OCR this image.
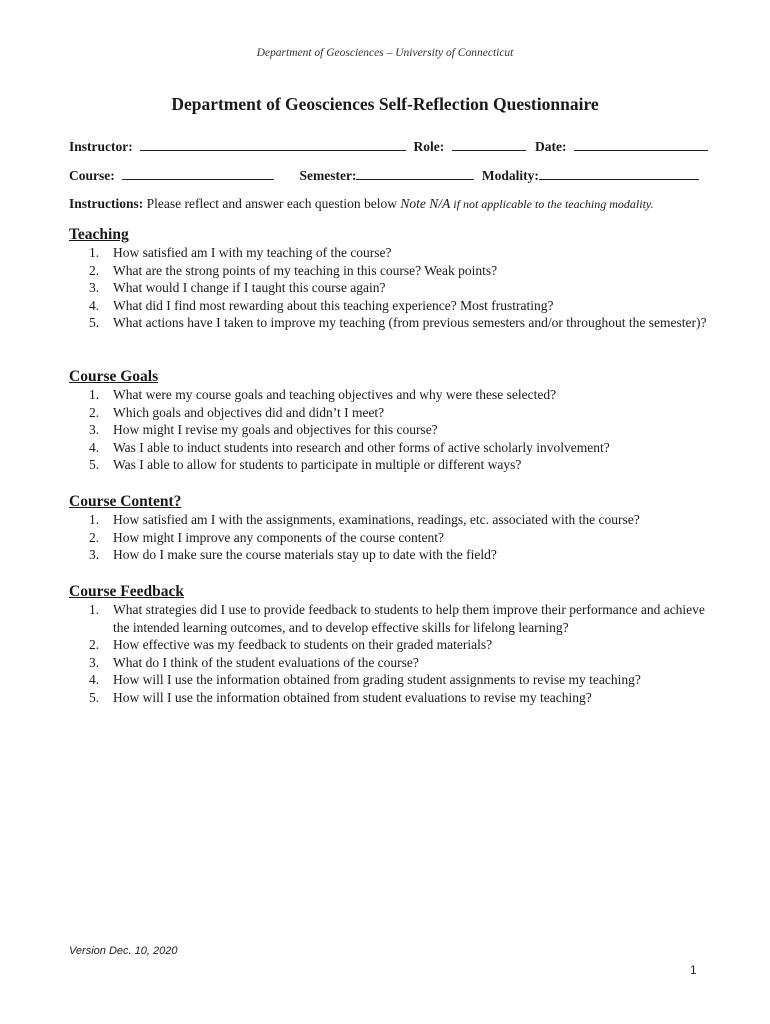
Department of Geosciences – University of Connecticut
Department of Geosciences Self-Reflection Questionnaire
Instructor:	Role:	Date:
Course:	Semester:	Modality:
Instructions: Please reflect and answer each question below Note N/A if not applicable to the teaching modality.
Teaching
1.	How satisfied am I with my teaching of the course?
2.	What are the strong points of my teaching in this course? Weak points?
3.	What would I change if I taught this course again?
4.	What did I find most rewarding about this teaching experience? Most frustrating?
5.	What actions have I taken to improve my teaching (from previous semesters and/or throughout the semester)?
Course Goals
1.	What were my course goals and teaching objectives and why were these selected?
2.	Which goals and objectives did and didn’t I meet?
3.	How might I revise my goals and objectives for this course?
4.	Was I able to induct students into research and other forms of active scholarly involvement?
5.	Was I able to allow for students to participate in multiple or different ways?
Course Content?
1.	How satisfied am I with the assignments, examinations, readings, etc. associated with the course?
2.	How might I improve any components of the course content?
3.	How do I make sure the course materials stay up to date with the field?
Course Feedback
1.	What strategies did I use to provide feedback to students to help them improve their performance and achieve the intended learning outcomes, and to develop effective skills for lifelong learning?
2.	How effective was my feedback to students on their graded materials?
3.	What do I think of the student evaluations of the course?
4.	How will I use the information obtained from grading student assignments to revise my teaching?
5.	How will I use the information obtained from student evaluations to revise my teaching?
Version Dec. 10, 2020
1
